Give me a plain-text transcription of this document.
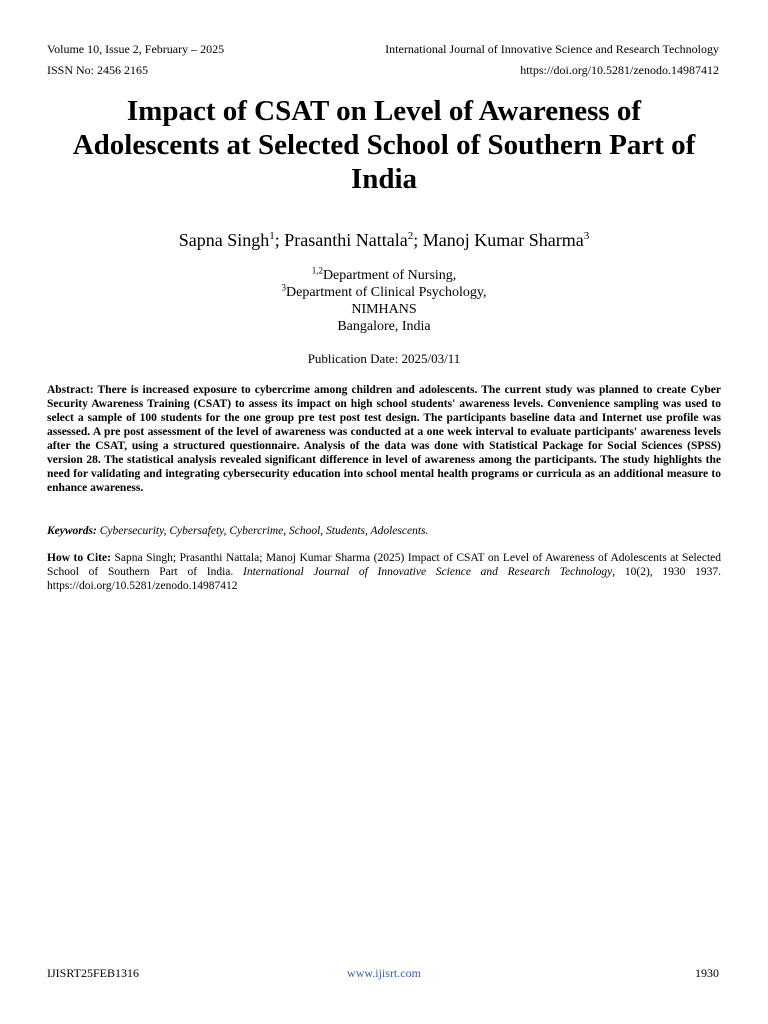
Volume 10, Issue 2, February – 2025
ISSN No: 2456 2165
International Journal of Innovative Science and Research Technology
https://doi.org/10.5281/zenodo.14987412
Impact of CSAT on Level of Awareness of Adolescents at Selected School of Southern Part of India
Sapna Singh$^1$; Prasanthi Nattala$^2$; Manoj Kumar Sharma$^3$
$^{1,2}$Department of Nursing,
$^3$Department of Clinical Psychology,
NIMHANS
Bangalore, India
Publication Date: 2025/03/11

Abstract: There is increased exposure to cybercrime among children and adolescents. The current study was planned to create Cyber Security Awareness Training (CSAT) to assess its impact on high school students' awareness levels. Convenience sampling was used to select a sample of 100 students for the one group pre test post test design. The participants baseline data and Internet use profile was assessed. A pre post assessment of the level of awareness was conducted at a one week interval to evaluate participants' awareness levels after the CSAT, using a structured questionnaire. Analysis of the data was done with Statistical Package for Social Sciences (SPSS) version 28. The statistical analysis revealed significant difference in level of awareness among the participants. The study highlights the need for validating and integrating cybersecurity education into school mental health programs or curricula as an additional measure to enhance awareness.

Keywords: Cybersecurity, Cybersafety, Cybercrime, School, Students, Adolescents.

How to Cite: Sapna Singh; Prasanthi Nattala; Manoj Kumar Sharma (2025) Impact of CSAT on Level of Awareness of Adolescents at Selected School of Southern Part of India. International Journal of Innovative Science and Research Technology, 10(2), 1930 1937. https://doi.org/10.5281/zenodo.14987412

IJISRT25FEB1316	www.ijisrt.com	1930
